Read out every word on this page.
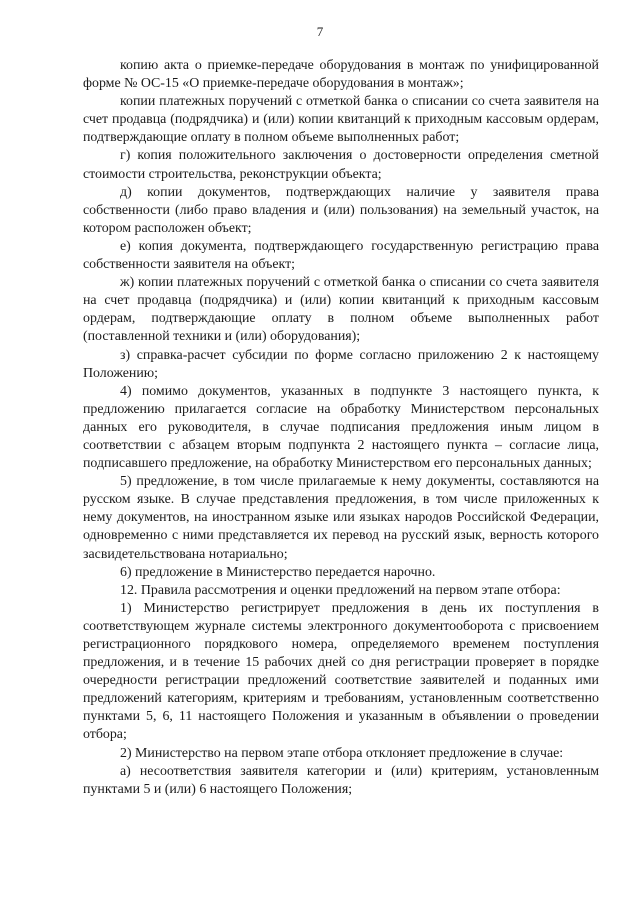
7

копию акта о приемке-передаче оборудования в монтаж по унифицированной форме № ОС-15 «О приемке-передаче оборудования в монтаж»;

копии платежных поручений с отметкой банка о списании со счета заявителя на счет продавца (подрядчика) и (или) копии квитанций к приходным кассовым ордерам, подтверждающие оплату в полном объеме выполненных работ;

г) копия положительного заключения о достоверности определения сметной стоимости строительства, реконструкции объекта;

д) копии документов, подтверждающих наличие у заявителя права собственности (либо право владения и (или) пользования) на земельный участок, на котором расположен объект;

е) копия документа, подтверждающего государственную регистрацию права собственности заявителя на объект;

ж) копии платежных поручений с отметкой банка о списании со счета заявителя на счет продавца (подрядчика) и (или) копии квитанций к приходным кассовым ордерам, подтверждающие оплату в полном объеме выполненных работ (поставленной техники и (или) оборудования);

з) справка-расчет субсидии по форме согласно приложению 2 к настоящему Положению;

4) помимо документов, указанных в подпункте 3 настоящего пункта, к предложению прилагается согласие на обработку Министерством персональных данных его руководителя, в случае подписания предложения иным лицом в соответствии с абзацем вторым подпункта 2 настоящего пункта – согласие лица, подписавшего предложение, на обработку Министерством его персональных данных;

5) предложение, в том числе прилагаемые к нему документы, составляются на русском языке. В случае представления предложения, в том числе приложенных к нему документов, на иностранном языке или языках народов Российской Федерации, одновременно с ними представляется их перевод на русский язык, верность которого засвидетельствована нотариально;

6) предложение в Министерство передается нарочно.

12. Правила рассмотрения и оценки предложений на первом этапе отбора:

1) Министерство регистрирует предложения в день их поступления в соответствующем журнале системы электронного документооборота с присвоением регистрационного порядкового номера, определяемого временем поступления предложения, и в течение 15 рабочих дней со дня регистрации проверяет в порядке очередности регистрации предложений соответствие заявителей и поданных ими предложений категориям, критериям и требованиям, установленным соответственно пунктами 5, 6, 11 настоящего Положения и указанным в объявлении о проведении отбора;

2) Министерство на первом этапе отбора отклоняет предложение в случае:

а) несоответствия заявителя категории и (или) критериям, установленным пунктами 5 и (или) 6 настоящего Положения;
